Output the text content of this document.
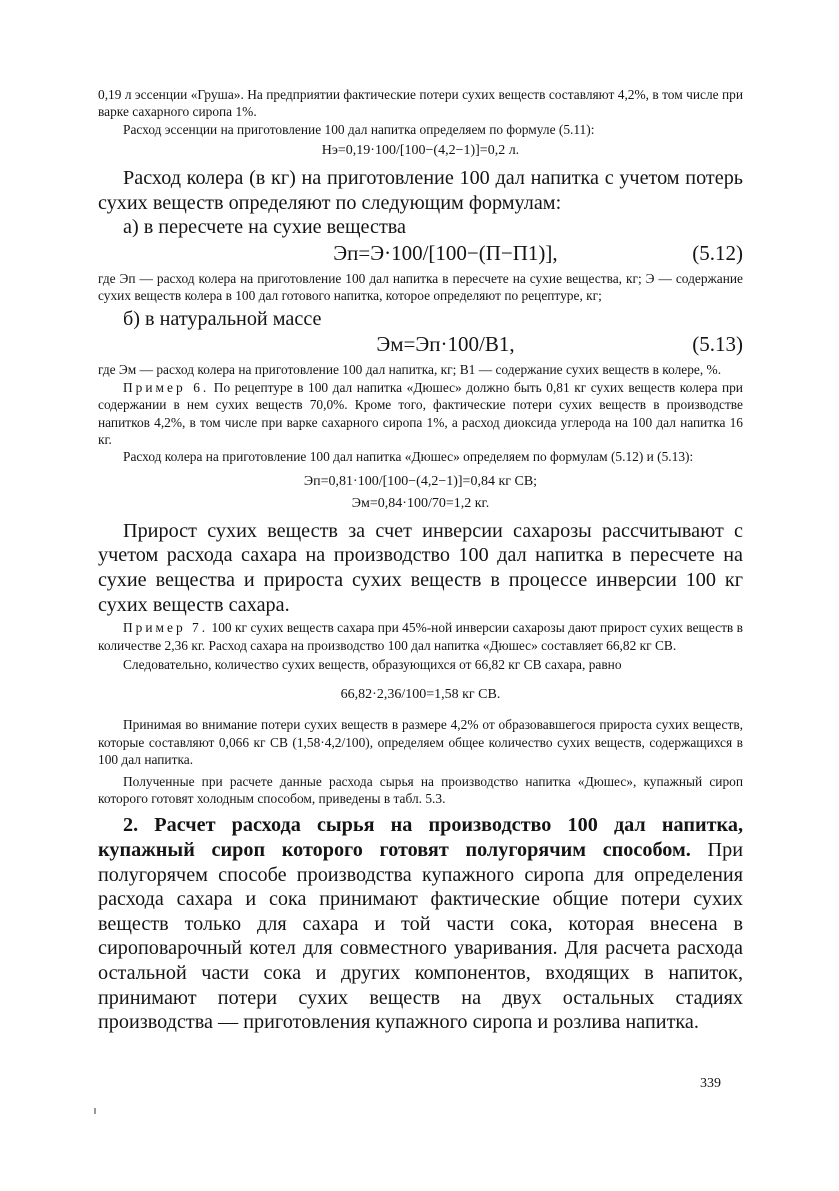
0,19 л эссенции «Груша». На предприятии фактические потери сухих веществ составляют 4,2%, в том числе при варке сахарного сиропа 1%.

Расход эссенции на приготовление 100 дал напитка определяем по формуле (5.11):

Hэ=0,19·100/[100−(4,2−1)]=0,2 л.

Расход колера (в кг) на приготовление 100 дал напитка с учетом потерь сухих веществ определяют по следующим формулам:

а) в пересчете на сухие вещества

Эп=Э·100/[100−(П−П1)],	(5.12)

где Эп — расход колера на приготовление 100 дал напитка в пересчете на сухие вещества, кг; Э — содержание сухих веществ колера в 100 дал готового напитка, которое определяют по рецептуре, кг;

б) в натуральной массе

Эм=Эп·100/B1,	(5.13)

где Эм — расход колера на приготовление 100 дал напитка, кг; B1 — содержание сухих веществ в колере, %.

Пример 6. По рецептуре в 100 дал напитка «Дюшес» должно быть 0,81 кг сухих веществ колера при содержании в нем сухих веществ 70,0%. Кроме того, фактические потери сухих веществ в производстве напитков 4,2%, в том числе при варке сахарного сиропа 1%, а расход диоксида углерода на 100 дал напитка 16 кг.

Расход колера на приготовление 100 дал напитка «Дюшес» определяем по формулам (5.12) и (5.13):

Эп=0,81·100/[100−(4,2−1)]=0,84 кг СВ;

Эм=0,84·100/70=1,2 кг.

Прирост сухих веществ за счет инверсии сахарозы рассчитывают с учетом расхода сахара на производство 100 дал напитка в пересчете на сухие вещества и прироста сухих веществ в процессе инверсии 100 кг сухих веществ сахара.

Пример 7. 100 кг сухих веществ сахара при 45%-ной инверсии сахарозы дают прирост сухих веществ в количестве 2,36 кг. Расход сахара на производство 100 дал напитка «Дюшес» составляет 66,82 кг СВ.

Следовательно, количество сухих веществ, образующихся от 66,82 кг СВ сахара, равно

66,82·2,36/100=1,58 кг СВ.

Принимая во внимание потери сухих веществ в размере 4,2% от образовавшегося прироста сухих веществ, которые составляют 0,066 кг СВ (1,58·4,2/100), определяем общее количество сухих веществ, содержащихся в 100 дал напитка.

Полученные при расчете данные расхода сырья на производство напитка «Дюшес», купажный сироп которого готовят холодным способом, приведены в табл. 5.3.

2. Расчет расхода сырья на производство 100 дал напитка, купажный сироп которого готовят полугорячим способом. При полугорячем способе производства купажного сиропа для определения расхода сахара и сока принимают фактические общие потери сухих веществ только для сахара и той части сока, которая внесена в сироповарочный котел для совместного уваривания. Для расчета расхода остальной части сока и других компонентов, входящих в напиток, принимают потери сухих веществ на двух остальных стадиях производства — приготовления купажного сиропа и розлива напитка.

339
